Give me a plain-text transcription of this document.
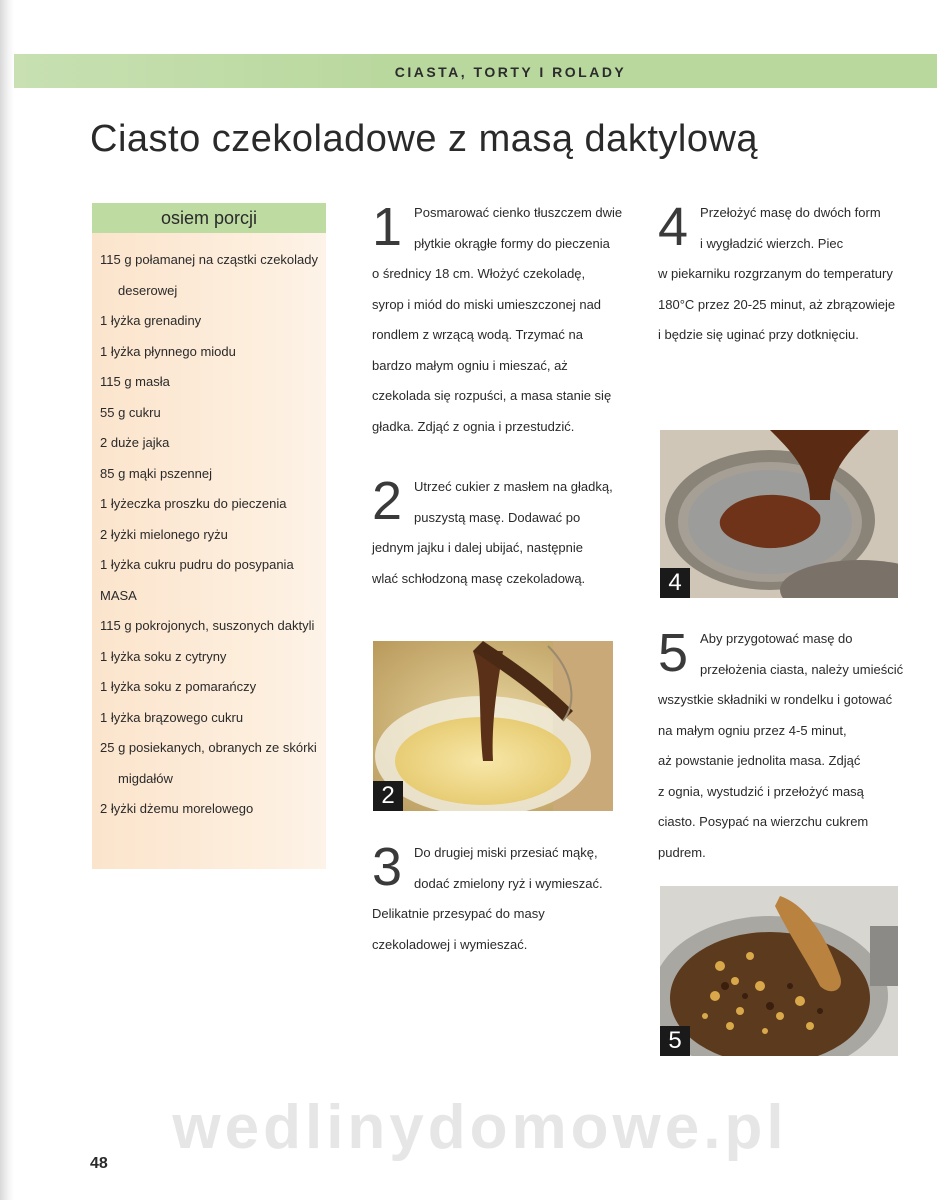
CIASTA, TORTY I ROLADY
Ciasto czekoladowe z masą daktylową
osiem porcji
115 g połamanej na cząstki czekolady
deserowej
1 łyżka grenadiny
1 łyżka płynnego miodu
115 g masła
55 g cukru
2 duże jajka
85 g mąki pszennej
1 łyżeczka proszku do pieczenia
2 łyżki mielonego ryżu
1 łyżka cukru pudru do posypania
MASA
115 g pokrojonych, suszonych daktyli
1 łyżka soku z cytryny
1 łyżka soku z pomarańczy
1 łyżka brązowego cukru
25 g posiekanych, obranych ze skórki
migdałów
2 łyżki dżemu morelowego
1 Posmarować cienko tłuszczem dwie
płytkie okrągłe formy do pieczenia
o średnicy 18 cm. Włożyć czekoladę,
syrop i miód do miski umieszczonej nad
rondlem z wrzącą wodą. Trzymać na
bardzo małym ogniu i mieszać, aż
czekolada się rozpuści, a masa stanie się
gładka. Zdjąć z ognia i przestudzić.
2 Utrzeć cukier z masłem na gładką,
puszystą masę. Dodawać po
jednym jajku i dalej ubijać, następnie
wlać schłodzoną masę czekoladową.
2
3 Do drugiej miski przesiać mąkę,
dodać zmielony ryż i wymieszać.
Delikatnie przesypać do masy
czekoladowej i wymieszać.
4 Przełożyć masę do dwóch form
i wygładzić wierzch. Piec
w piekarniku rozgrzanym do temperatury
180°C przez 20-25 minut, aż zbrązowieje
i będzie się uginać przy dotknięciu.
4
5 Aby przygotować masę do
przełożenia ciasta, należy umieścić
wszystkie składniki w rondelku i gotować
na małym ogniu przez 4-5 minut,
aż powstanie jednolita masa. Zdjąć
z ognia, wystudzić i przełożyć masą
ciasto. Posypać na wierzchu cukrem
pudrem.
5
wedlinydomowe.pl
48
